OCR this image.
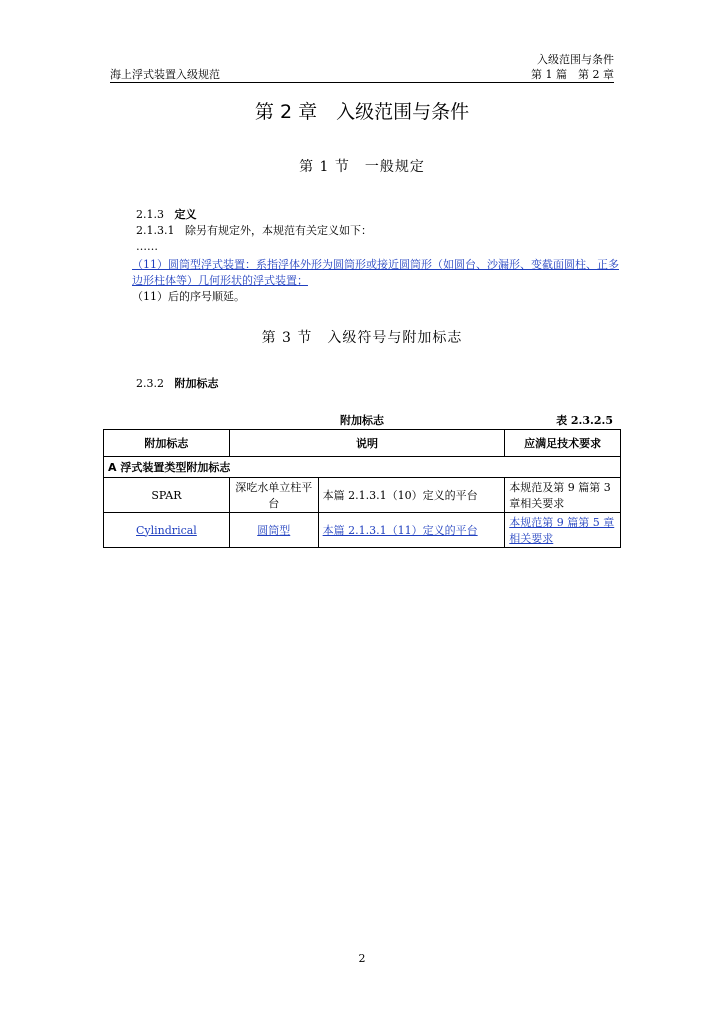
入级范围与条件
第 1 篇　第 2 章
海上浮式装置入级规范
第 2 章　入级范围与条件
第 1 节　一般规定
2.1.3 定义
2.1.3.1 除另有规定外，本规范有关定义如下：
……
（11）圆筒型浮式装置：系指浮体外形为圆筒形或接近圆筒形（如圆台、沙漏形、变截面圆柱、正多边形柱体等）几何形状的浮式装置；
（11）后的序号顺延。
第 3 节　入级符号与附加标志
2.3.2 附加标志
附加标志	表 2.3.2.5
附加标志	说明		应满足技术要求
A 浮式装置类型附加标志			
SPAR	深吃水单立柱平台	本篇 2.1.3.1（10）定义的平台	本规范及第 9 篇第 3 章相关要求
Cylindrical	圆筒型	本篇 2.1.3.1（11）定义的平台	本规范第 9 篇第 5 章相关要求
2
